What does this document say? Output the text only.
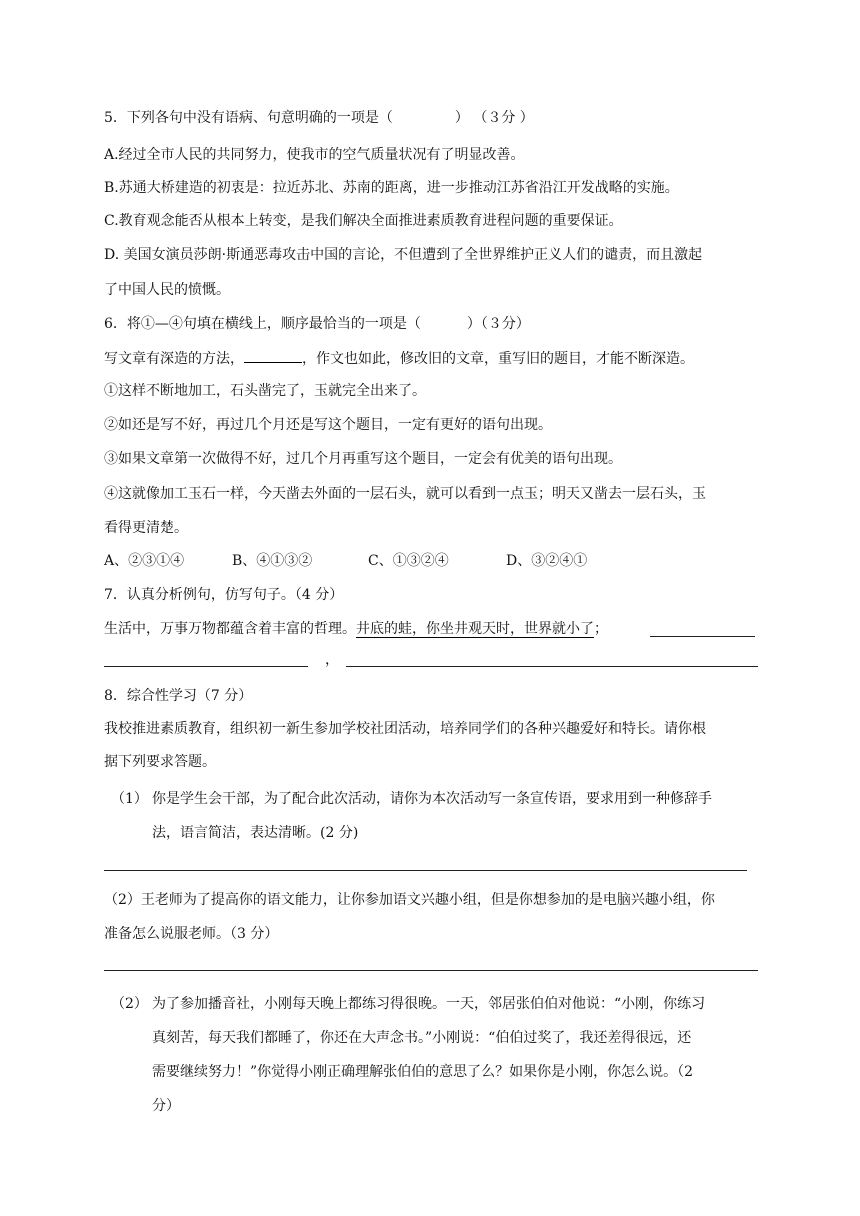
5．下列各句中没有语病、句意明确的一项是（	） （３分 ）
A.经过全市人民的共同努力，使我市的空气质量状况有了明显改善。
B.苏通大桥建造的初衷是：拉近苏北、苏南的距离，进一步推动江苏省沿江开发战略的实施。
C.教育观念能否从根本上转变，是我们解决全面推进素质教育进程问题的重要保证。
D. 美国女演员莎朗·斯通恶毒攻击中国的言论，不但遭到了全世界维护正义人们的谴责，而且激起
了中国人民的愤慨。
6．将①—④句填在横线上，顺序最恰当的一项是（	）（３分）
写文章有深造的方法，	，作文也如此，修改旧的文章，重写旧的题目，才能不断深造。
①这样不断地加工，石头凿完了，玉就完全出来了。
②如还是写不好，再过几个月还是写这个题目，一定有更好的语句出现。
③如果文章第一次做得不好，过几个月再重写这个题目，一定会有优美的语句出现。
④这就像加工玉石一样，今天凿去外面的一层石头，就可以看到一点玉；明天又凿去一层石头，玉
看得更清楚。
A、②③①④	B、④①③②	C、①③②④	D、③②④①
7．认真分析例句，仿写句子。（4 分）
生活中，万事万物都蕴含着丰富的哲理。井底的蛙，你坐井观天时，世界就小了；
，
8．综合性学习（7 分）
我校推进素质教育，组织初一新生参加学校社团活动，培养同学们的各种兴趣爱好和特长。请你根
据下列要求答题。
（1） 你是学生会干部，为了配合此次活动，请你为本次活动写一条宣传语，要求用到一种修辞手
法，语言简洁，表达清晰。(2 分)
（2）王老师为了提高你的语文能力，让你参加语文兴趣小组，但是你想参加的是电脑兴趣小组，你
准备怎么说服老师。（3 分）
（2） 为了参加播音社，小刚每天晚上都练习得很晚。一天，邻居张伯伯对他说：“小刚，你练习
真刻苦，每天我们都睡了，你还在大声念书。”小刚说：“伯伯过奖了，我还差得很远，还
需要继续努力！”你觉得小刚正确理解张伯伯的意思了么？如果你是小刚，你怎么说。（2
分）
